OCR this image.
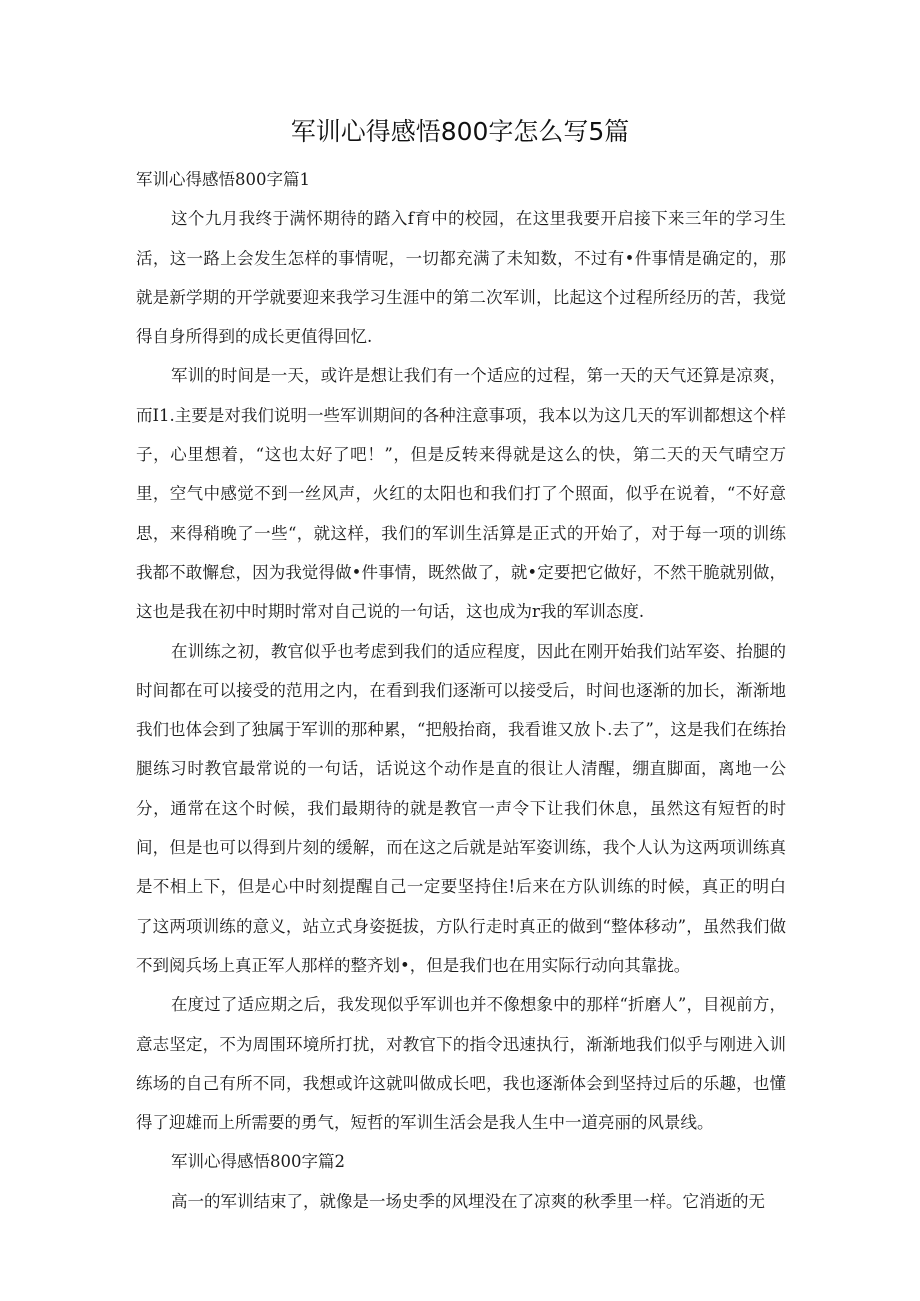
军训心得感悟800字怎么写5篇

军训心得感悟800字篇1

这个九月我终于满怀期待的踏入f育中的校园，在这里我要开启接下来三年的学习生活，这一路上会发生怎样的事情呢，一切都充满了未知数，不过有•件事情是确定的，那就是新学期的开学就要迎来我学习生涯中的第二次军训，比起这个过程所经历的苦，我觉得自身所得到的成长更值得回忆.

军训的时间是一天，或许是想让我们有一个适应的过程，第一天的天气还算是凉爽，而I1.主要是对我们说明一些军训期间的各种注意事项，我本以为这几天的军训都想这个样子，心里想着，“这也太好了吧！”，但是反转来得就是这么的快，第二天的天气晴空万里，空气中感觉不到一丝风声，火红的太阳也和我们打了个照面，似乎在说着，“不好意思，来得稍晚了一些“，就这样，我们的军训生活算是正式的开始了，对于每一项的训练我都不敢懈怠，因为我觉得做•件事情，既然做了，就•定要把它做好，不然干脆就别做，这也是我在初中时期时常对自己说的一句话，这也成为r我的军训态度.

在训练之初，教官似乎也考虑到我们的适应程度，因此在刚开始我们站军姿、抬腿的时间都在可以接受的范用之内，在看到我们逐渐可以接受后，时间也逐渐的加长，渐渐地我们也体会到了独属于军训的那种累，“把般抬商，我看谁又放卜.去了”，这是我们在练抬腿练习时教官最常说的一句话，话说这个动作是直的很让人清醒，绷直脚面，离地一公分，通常在这个时候，我们最期待的就是教官一声令下让我们休息，虽然这有短哲的时间，但是也可以得到片刻的缓解，而在这之后就是站军姿训练，我个人认为这两项训练真是不相上下，但是心中时刻提醒自己一定要坚持住!后来在方队训练的时候，真正的明白了这两项训练的意义，站立式身姿挺拔，方队行走时真正的做到“整体移动”，虽然我们做不到阅兵场上真正军人那样的整齐划•，但是我们也在用实际行动向其靠拢。

在度过了适应期之后，我发现似乎军训也并不像想象中的那样“折磨人”，目视前方，意志坚定，不为周围环境所打扰，对教官下的指令迅速执行，渐渐地我们似乎与刚进入训练场的自己有所不同，我想或许这就叫做成长吧，我也逐渐体会到坚持过后的乐趣，也懂得了迎雄而上所需要的勇气，短哲的军训生活会是我人生中一道亮丽的风景线。

军训心得感悟800字篇2

高一的军训结束了，就像是一场史季的风埋没在了凉爽的秋季里一样。它消逝的无
